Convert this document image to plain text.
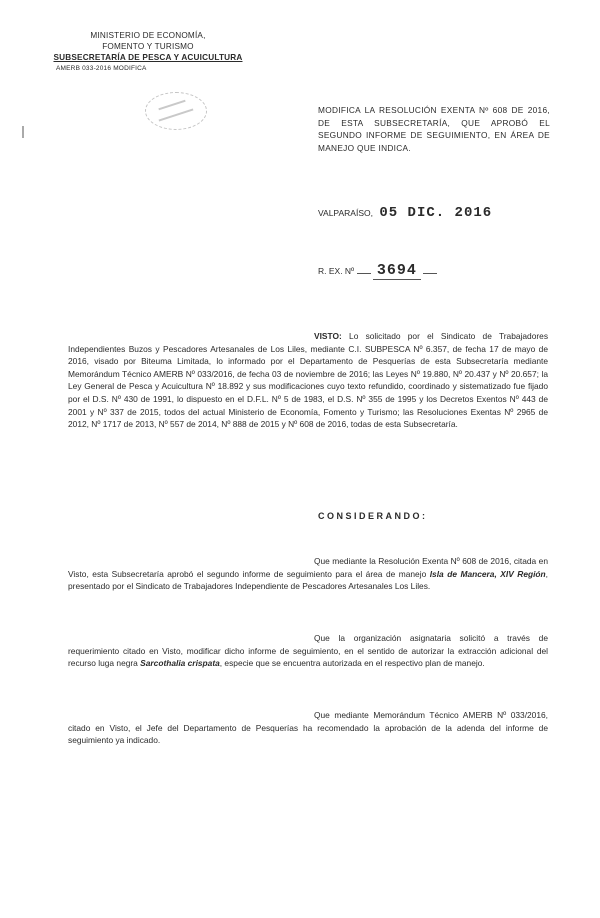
MINISTERIO DE ECONOMÍA,
FOMENTO Y TURISMO
SUBSECRETARÍA DE PESCA Y ACUICULTURA
AMERB 033-2016 MODIFICA
MODIFICA LA RESOLUCIÓN EXENTA Nº 608 DE 2016, DE ESTA SUBSECRETARÍA, QUE APROBÓ EL SEGUNDO INFORME DE SEGUIMIENTO, EN ÁREA DE MANEJO QUE INDICA.
VALPARAÍSO, 05 DIC. 2016
R. EX. Nº 3694
VISTO: Lo solicitado por el Sindicato de Trabajadores Independientes Buzos y Pescadores Artesanales de Los Liles, mediante C.I. SUBPESCA Nº 6.357, de fecha 17 de mayo de 2016, visado por Biteuma Limitada, lo informado por el Departamento de Pesquerías de esta Subsecretaría mediante Memorándum Técnico AMERB Nº 033/2016, de fecha 03 de noviembre de 2016; las Leyes Nº 19.880, Nº 20.437 y Nº 20.657; la Ley General de Pesca y Acuicultura Nº 18.892 y sus modificaciones cuyo texto refundido, coordinado y sistematizado fue fijado por el D.S. Nº 430 de 1991, lo dispuesto en el D.F.L. Nº 5 de 1983, el D.S. Nº 355 de 1995 y los Decretos Exentos Nº 443 de 2001 y Nº 337 de 2015, todos del actual Ministerio de Economía, Fomento y Turismo; las Resoluciones Exentas Nº 2965 de 2012, Nº 1717 de 2013, Nº 557 de 2014, Nº 888 de 2015 y Nº 608 de 2016, todas de esta Subsecretaría.
CONSIDERANDO:
Que mediante la Resolución Exenta Nº 608 de 2016, citada en Visto, esta Subsecretaría aprobó el segundo informe de seguimiento para el área de manejo Isla de Mancera, XIV Región, presentado por el Sindicato de Trabajadores Independiente de Pescadores Artesanales Los Liles.
Que la organización asignataria solicitó a través de requerimiento citado en Visto, modificar dicho informe de seguimiento, en el sentido de autorizar la extracción adicional del recurso luga negra Sarcothalia crispata, especie que se encuentra autorizada en el respectivo plan de manejo.
Que mediante Memorándum Técnico AMERB Nº 033/2016, citado en Visto, el Jefe del Departamento de Pesquerías ha recomendado la aprobación de la adenda del informe de seguimiento ya indicado.
